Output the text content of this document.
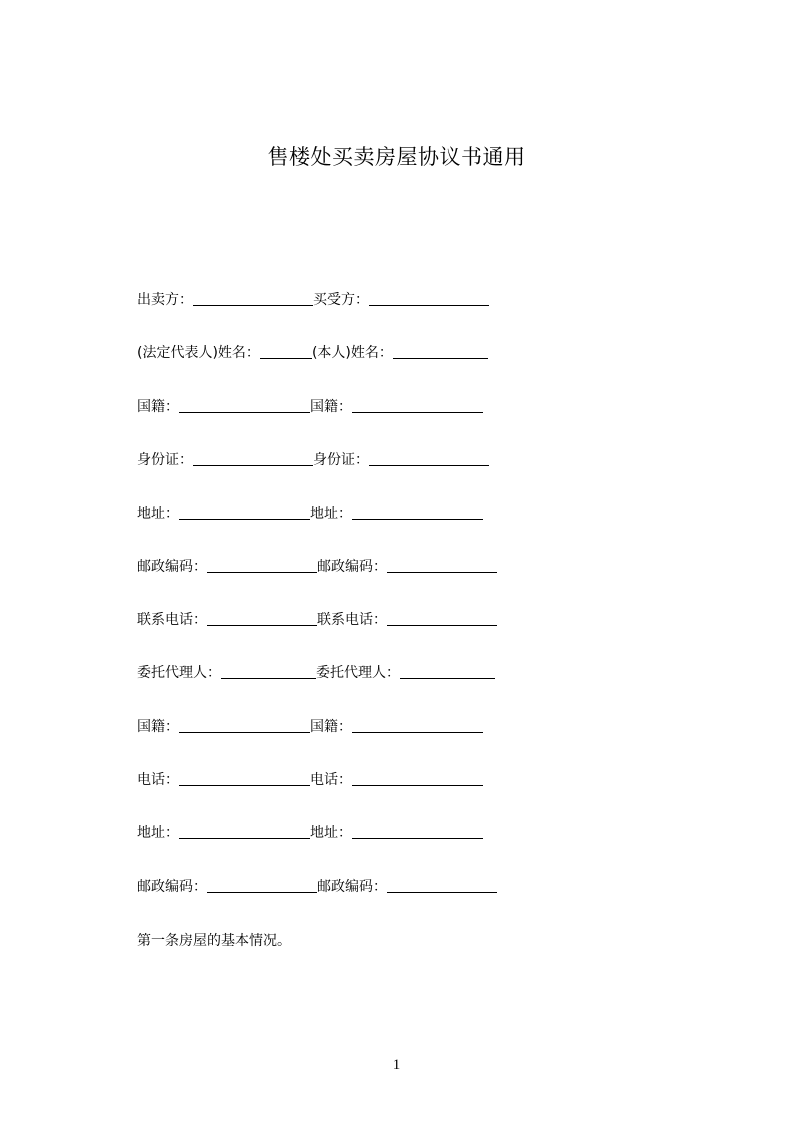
售楼处买卖房屋协议书通用
出卖方：	买受方：
(法定代表人)姓名：	(本人)姓名：
国籍：	国籍：
身份证：	身份证：
地址：	地址：
邮政编码：	邮政编码：
联系电话：	联系电话：
委托代理人：	委托代理人：
国籍：	国籍：
电话：	电话：
地址：	地址：
邮政编码：	邮政编码：
第一条房屋的基本情况。
1
